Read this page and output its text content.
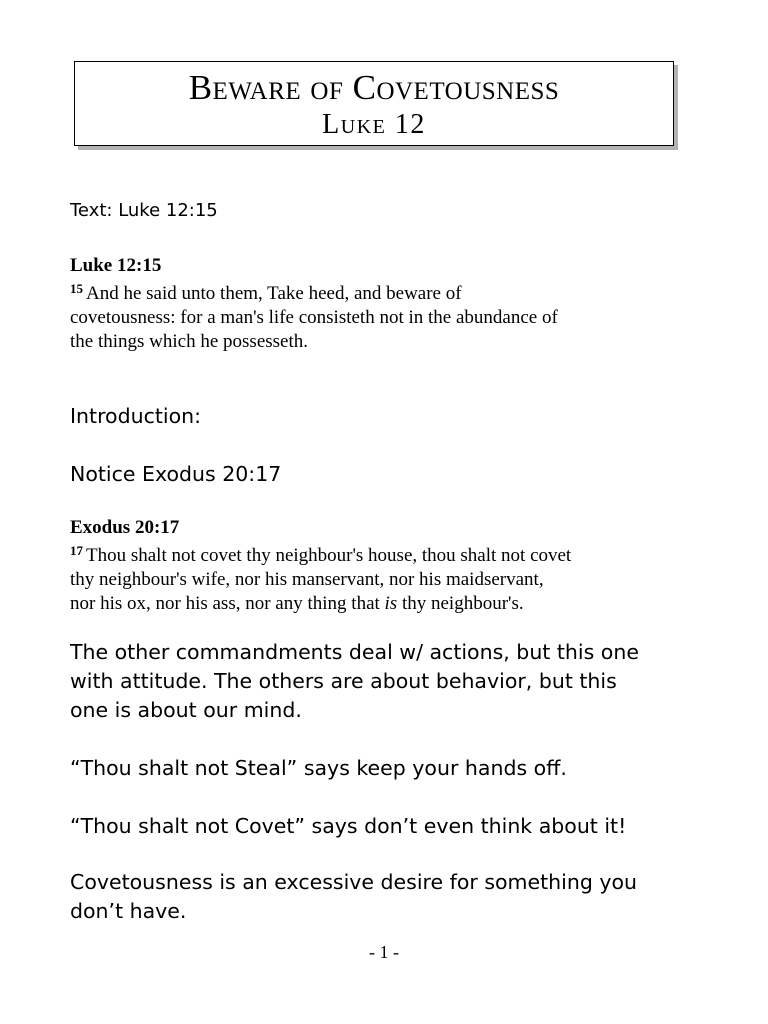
Beware of Covetousness
Luke 12
Text: Luke 12:15

Luke 12:15

$^{15}$ And he said unto them, Take heed, and beware of

covetousness: for a man's life consisteth not in the abundance of

the things which he possesseth.

Introduction:
Notice Exodus 20:17

Exodus 20:17

$^{17}$ Thou shalt not covet thy neighbour's house, thou shalt not covet

thy neighbour's wife, nor his manservant, nor his maidservant,

nor his ox, nor his ass, nor any thing that is thy neighbour's.

The other commandments deal w/ actions, but this one

with attitude. The others are about behavior, but this

one is about our mind.

“Thou shalt not Steal” says keep your hands off.
“Thou shalt not Covet” says don’t even think about it!

Covetousness is an excessive desire for something you

don’t have.

- 1 -
